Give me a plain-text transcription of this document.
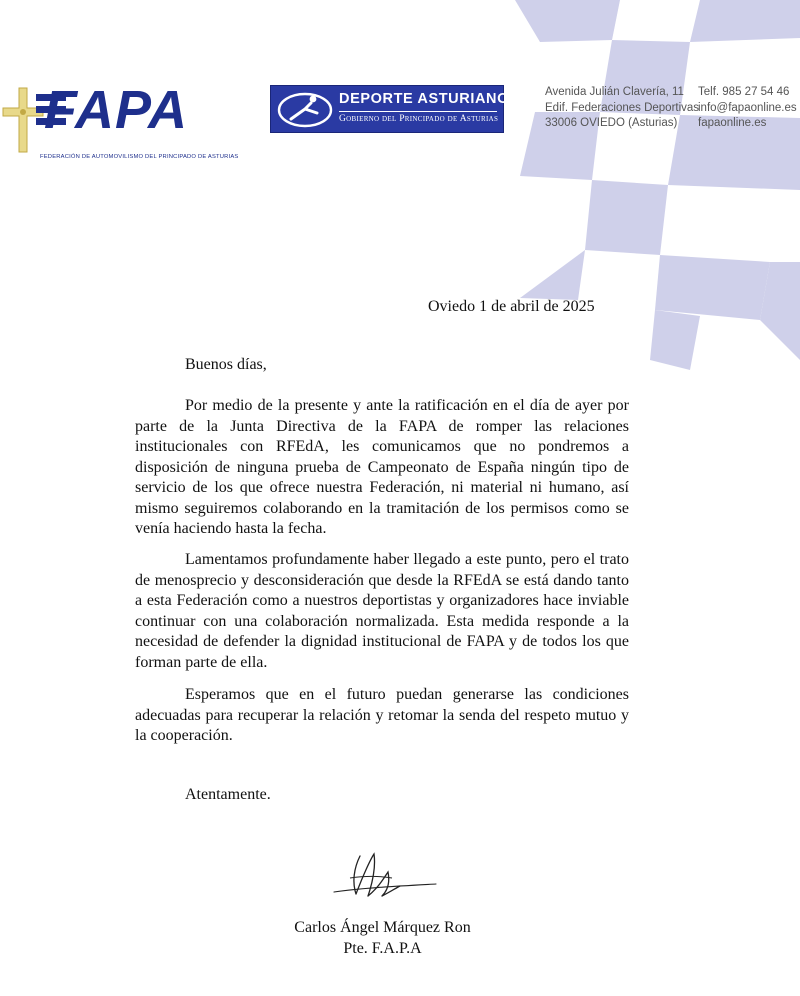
FAPA
FEDERACIÓN DE AUTOMOVILISMO DEL PRINCIPADO DE ASTURIAS
DEPORTE ASTURIANO
Gobierno del Principado de Asturias
Avenida Julián Clavería, 11
Edif. Federaciones Deportivas
33006 OVIEDO (Asturias)
Telf. 985 27 54 46
info@fapaonline.es
fapaonline.es
Oviedo 1 de abril de 2025
Buenos días,

Por medio de la presente y ante la ratificación en el día de ayer por parte de la Junta Directiva de la FAPA de romper las relaciones institucionales con RFEdA, les comunicamos que no pondremos a disposición de ninguna prueba de Campeonato de España ningún tipo de servicio de los que ofrece nuestra Federación, ni material ni humano, así mismo seguiremos colaborando en la tramitación de los permisos como se venía haciendo hasta la fecha.

Lamentamos profundamente haber llegado a este punto, pero el trato de menosprecio y desconsideración que desde la RFEdA se está dando tanto a esta Federación como a nuestros deportistas y organizadores hace inviable continuar con una colaboración normalizada. Esta medida responde a la necesidad de defender la dignidad institucional de FAPA y de todos los que forman parte de ella.

Esperamos que en el futuro puedan generarse las condiciones adecuadas para recuperar la relación y retomar la senda del respeto mutuo y la cooperación.

Atentamente.
Carlos Ángel Márquez Ron
Pte. F.A.P.A
